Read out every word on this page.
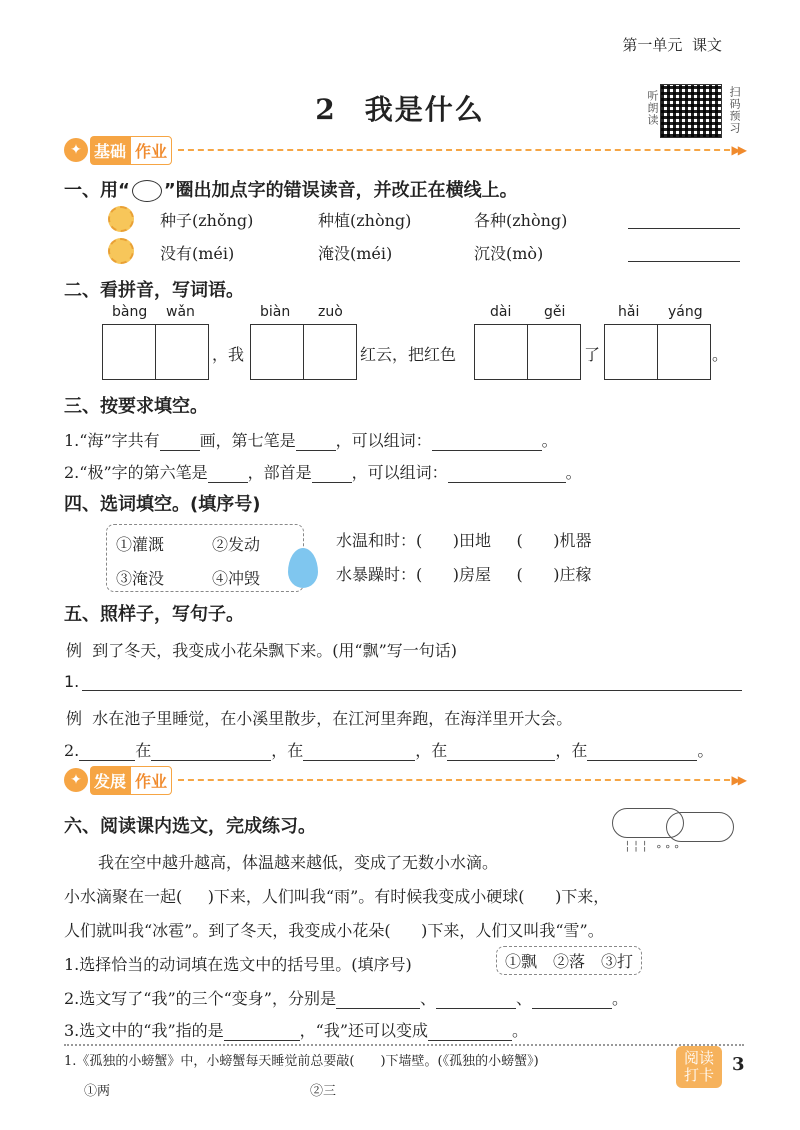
第一单元 课文
2 我是什么	听朗读	扫码预习
✦ 基础 作业	▶▶
一、用“ ”圈出加点字的错误读音，并改正在横线上。
种子(zhǒng)	种植(zhòng)	各种(zhòng)
没有(méi)	淹没(méi)	沉没(mò)
二、看拼音，写词语。
bàng wǎn	biàn zuò	dài gěi	hǎi yáng
，我	红云，把红色	了	。
三、按要求填空。
1.“海”字共有	画，第七笔是	，可以组词：	。
2.“极”字的第六笔是	，部首是	，可以组词：	。
四、选词填空。(填序号)
①灌溉	②发动
③淹没	④冲毁
水温和时：( )田地 ( )机器
水暴躁时：( )房屋 ( )庄稼
五、照样子，写句子。
例 到了冬天，我变成小花朵飘下来。(用“飘”写一句话)
1.
例 水在池子里睡觉，在小溪里散步，在江河里奔跑，在海洋里开大会。
2.	在	，在	，在	，在	。
✦ 发展 作业	▶▶
六、阅读课内选文，完成练习。
╎╎╎ ∘∘∘
我在空中越升越高，体温越来越低，变成了无数小水滴。
小水滴聚在一起( )下来，人们叫我“雨”。有时候我变成小硬球( )下来，
人们就叫我“冰雹”。到了冬天，我变成小花朵( )下来，人们又叫我“雪”。
1.选择恰当的动词填在选文中的括号里。(填序号)	①飘　②落　③打
2.选文写了“我”的三个“变身”，分别是	、	、	。
3.选文中的“我”指的是	，“我”还可以变成	。
1.《孤独的小螃蟹》中，小螃蟹每天睡觉前总要敲(　　)下墙壁。(《孤独的小螃蟹》)
①两	②三
阅读打卡	3
